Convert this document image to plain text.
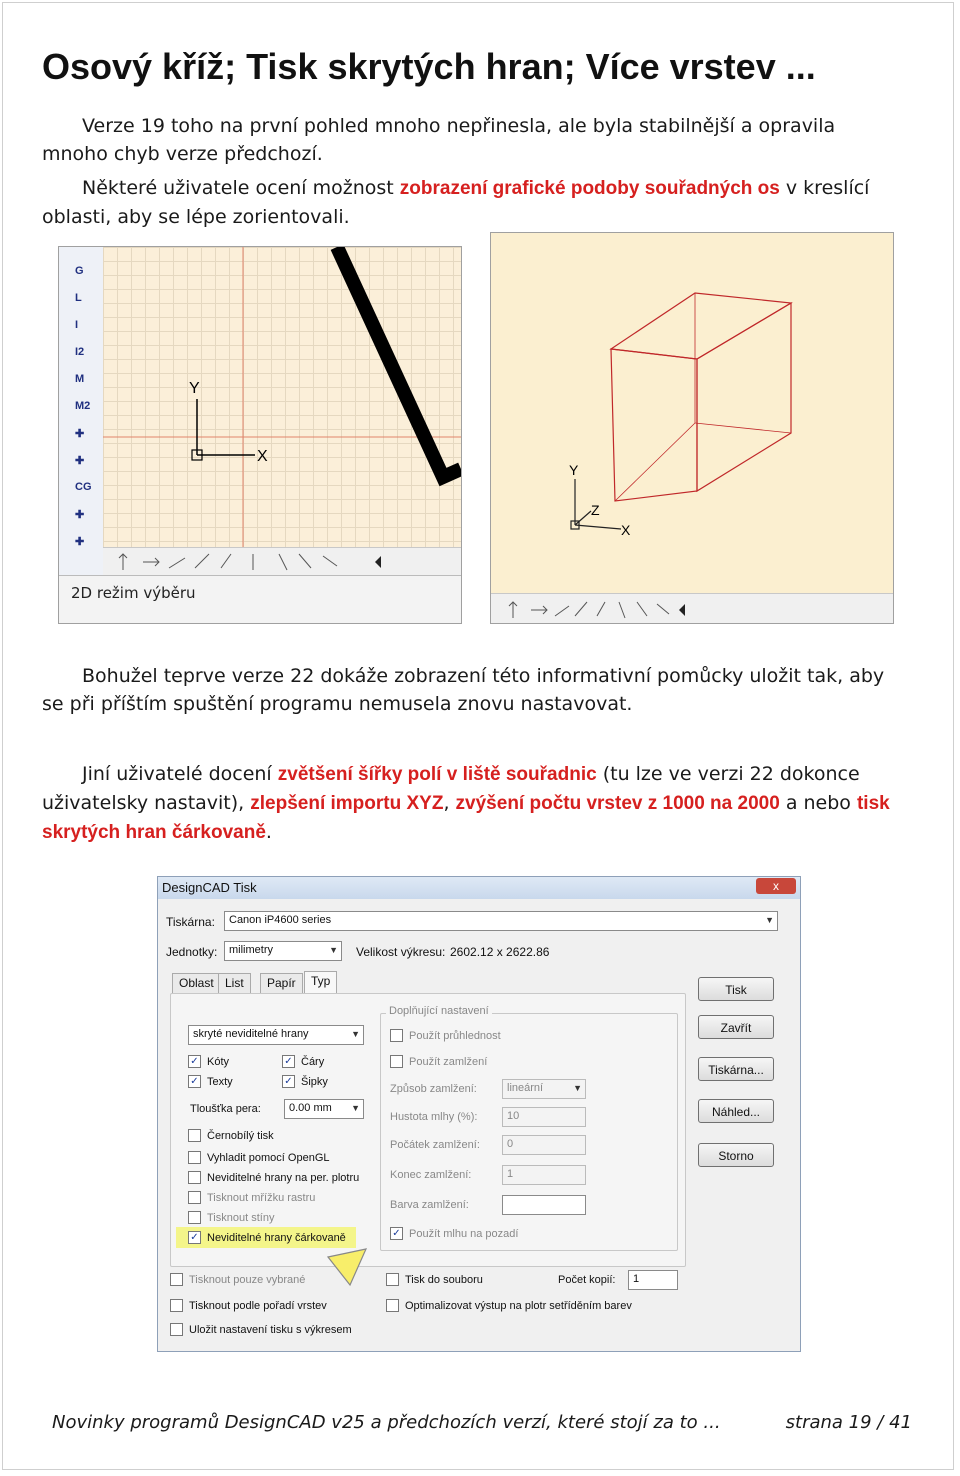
Osový kříž; Tisk skrytých hran; Více vrstev ...

Verze 19 toho na první pohled mnoho nepřinesla, ale byla stabilnější a opravila mnoho chyb verze předchozí.

Některé uživatele ocení možnost zobrazení grafické podoby souřadných os v kreslící oblasti, aby se lépe zorientovali.

G
L
I
I2
M
M2
✚
✚
CG
✚
✚
Y
X
2D režim výběru
Y
Z
X

Bohužel teprve verze 22 dokáže zobrazení této informativní pomůcky uložit tak, aby se při příštím spuštění programu nemusela znovu nastavovat.

Jiní uživatelé docení zvětšení šířky polí v liště souřadnic (tu lze ve verzi 22 dokonce uživatelsky nastavit), zlepšení importu XYZ, zvýšení počtu vrstev z 1000 na 2000 a nebo tisk skrytých hran čárkovaně.

DesignCAD Tisk	x
Tiskárna:	Canon iP4600 series ▼
Jednotky:	milimetry ▼	Velikost výkresu: 2602.12 x 2622.86
Oblast List	Papír	Typ
skryté neviditelné hrany ▼
✓ Kóty	✓ Čáry
✓ Texty	✓ Šipky
Tloušťka pera:	0.00 mm ▼
Černobílý tisk
Vyhladit pomocí OpenGL
Neviditelné hrany na per. plotru
Tisknout mřížku rastru
Tisknout stíny
✓ Neviditelné hrany čárkovaně
Doplňující nastavení
Použít průhlednost
Použít zamlžení
Způsob zamlžení:	lineární ▼
Hustota mlhy (%):	10
Počátek zamlžení:	0
Konec zamlžení:	1
Barva zamlžení:
✓ Použít mlhu na pozadí
Tisk
Zavřít
Tiskárna...
Náhled...
Storno
Tisknout pouze vybrané	Tisk do souboru	Počet kopií:	1
Tisknout podle pořadí vrstev	Optimalizovat výstup na plotr setříděním barev
Uložit nastavení tisku s výkresem
Novinky programů DesignCAD v25 a předchozích verzí, které stojí za to ...	strana 19 / 41
